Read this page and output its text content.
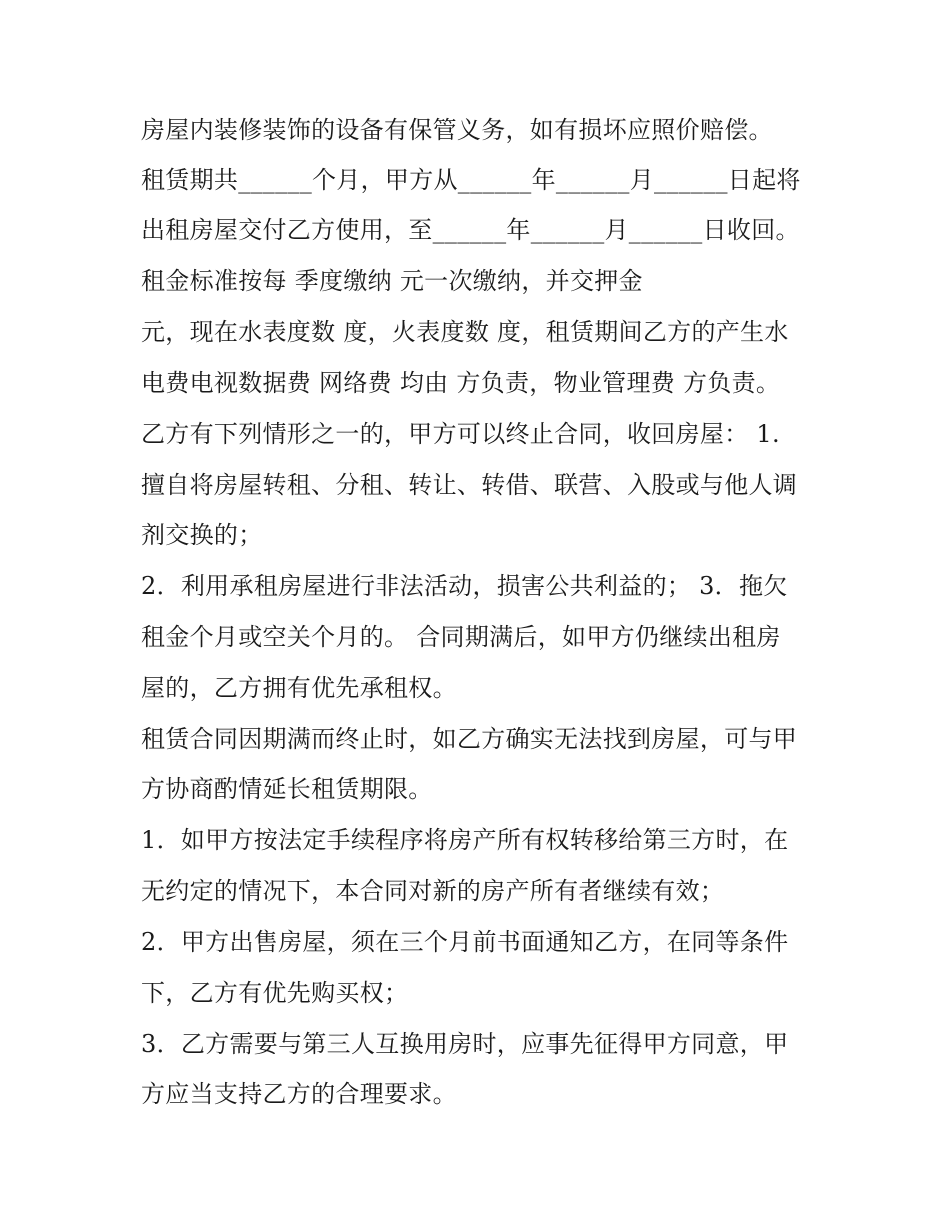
房屋内装修装饰的设备有保管义务，如有损坏应照价赔偿。
租赁期共______个月，甲方从______年______月______日起将
出租房屋交付乙方使用，至______年______月______日收回。
租金标准按每 季度缴纳 元一次缴纳，并交押金
元，现在水表度数 度，火表度数 度，租赁期间乙方的产生水
电费电视数据费 网络费 均由 方负责，物业管理费 方负责。
乙方有下列情形之一的，甲方可以终止合同，收回房屋： 1.
擅自将房屋转租、分租、转让、转借、联营、入股或与他人调
剂交换的；
2．利用承租房屋进行非法活动，损害公共利益的； 3．拖欠
租金个月或空关个月的。 合同期满后，如甲方仍继续出租房
屋的，乙方拥有优先承租权。
租赁合同因期满而终止时，如乙方确实无法找到房屋，可与甲
方协商酌情延长租赁期限。
1．如甲方按法定手续程序将房产所有权转移给第三方时，在
无约定的情况下，本合同对新的房产所有者继续有效；
2．甲方出售房屋，须在三个月前书面通知乙方，在同等条件
下，乙方有优先购买权；
3．乙方需要与第三人互换用房时，应事先征得甲方同意，甲
方应当支持乙方的合理要求。
